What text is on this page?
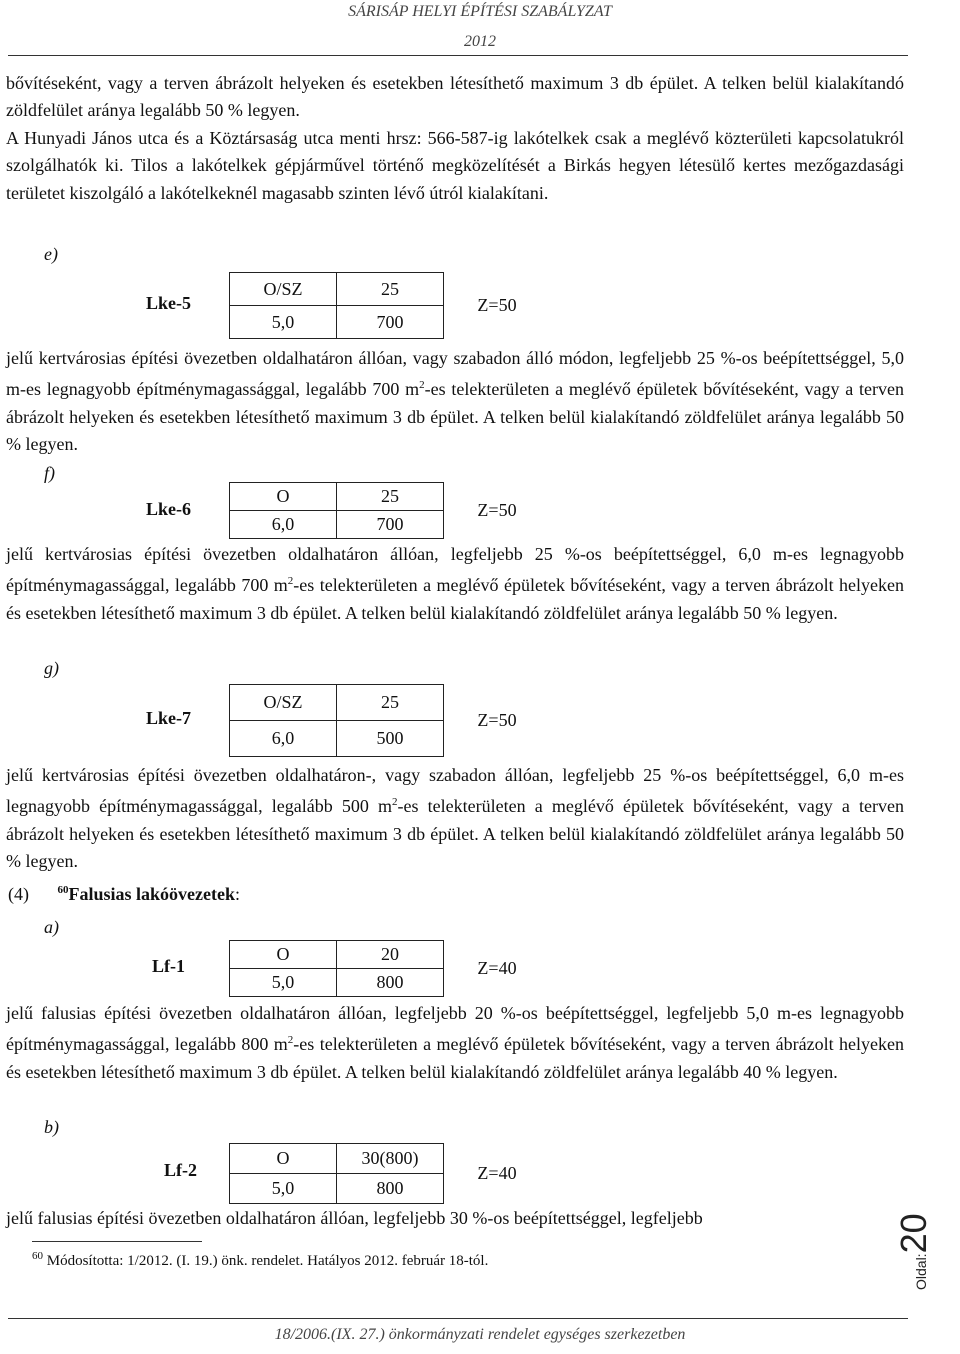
SÁRISÁP HELYI ÉPÍTÉSI SZABÁLYZAT
2012

bővítéseként, vagy a terven ábrázolt helyeken és esetekben létesíthető maximum 3 db épület. A telken belül kialakítandó zöldfelület aránya legalább 50 % legyen.

A Hunyadi János utca és a Köztársaság utca menti hrsz: 566-587-ig lakótelkek csak a meglévő közterületi kapcsolatukról szolgálhatók ki. Tilos a lakótelkek gépjárművel történő megközelítését a Birkás hegyen létesülő kertes mezőgazdasági területet kiszolgáló a lakótelkeknél magasabb szinten lévő útról kialakítani.

e)
Lke-5
O/SZ	25	Z=50
5,0	700	

jelű kertvárosias építési övezetben oldalhatáron állóan, vagy szabadon álló módon, legfeljebb 25 %-os beépítettséggel, 5,0 m-es legnagyobb építménymagassággal, legalább 700 $m^2-es$ telekterületen a meglévő épületek bővítéseként, vagy a terven ábrázolt helyeken és esetekben létesíthető maximum 3 db épület. A telken belül kialakítandó zöldfelület aránya legalább 50 % legyen.

f)
Lke-6
O	25	Z=50
6,0	700	

jelű kertvárosias építési övezetben oldalhatáron állóan, legfeljebb 25 %-os beépítettséggel, 6,0 m-es legnagyobb építménymagassággal, legalább 700 $m^2-es$ telekterületen a meglévő épületek bővítéseként, vagy a terven ábrázolt helyeken és esetekben létesíthető maximum 3 db épület. A telken belül kialakítandó zöldfelület aránya legalább 50 % legyen.

g)
Lke-7
O/SZ	25	Z=50
6,0	500	

jelű kertvárosias építési övezetben oldalhatáron-, vagy szabadon állóan, legfeljebb 25 %-os beépítettséggel, 6,0 m-es legnagyobb építménymagassággal, legalább 500 $m^2-es$ telekterületen a meglévő épületek bővítéseként, vagy a terven ábrázolt helyeken és esetekben létesíthető maximum 3 db épület. A telken belül kialakítandó zöldfelület aránya legalább 50 % legyen.

(4)	$^{60}$Falusias lakóövezetek:
a)
Lf-1
O	20	Z=40
5,0	800	

jelű falusias építési övezetben oldalhatáron állóan, legfeljebb 20 %-os beépítettséggel, legfeljebb 5,0 m-es legnagyobb építménymagassággal, legalább 800 $m^2-es$ telekterületen a meglévő épületek bővítéseként, vagy a terven ábrázolt helyeken és esetekben létesíthető maximum 3 db épület. A telken belül kialakítandó zöldfelület aránya legalább 40 % legyen.

b)
Lf-2
O	30(800)	Z=40
5,0	800	

jelű falusias építési övezetben oldalhatáron állóan, legfeljebb 30 %-os beépítettséggel, legfeljebb

$^{60}$ Módosította: 1/2012. (I. 19.) önk. rendelet. Hatályos 2012. február 18-tól.
18/2006.(IX. 27.) önkormányzati rendelet egységes szerkezetben
Oldal:20
